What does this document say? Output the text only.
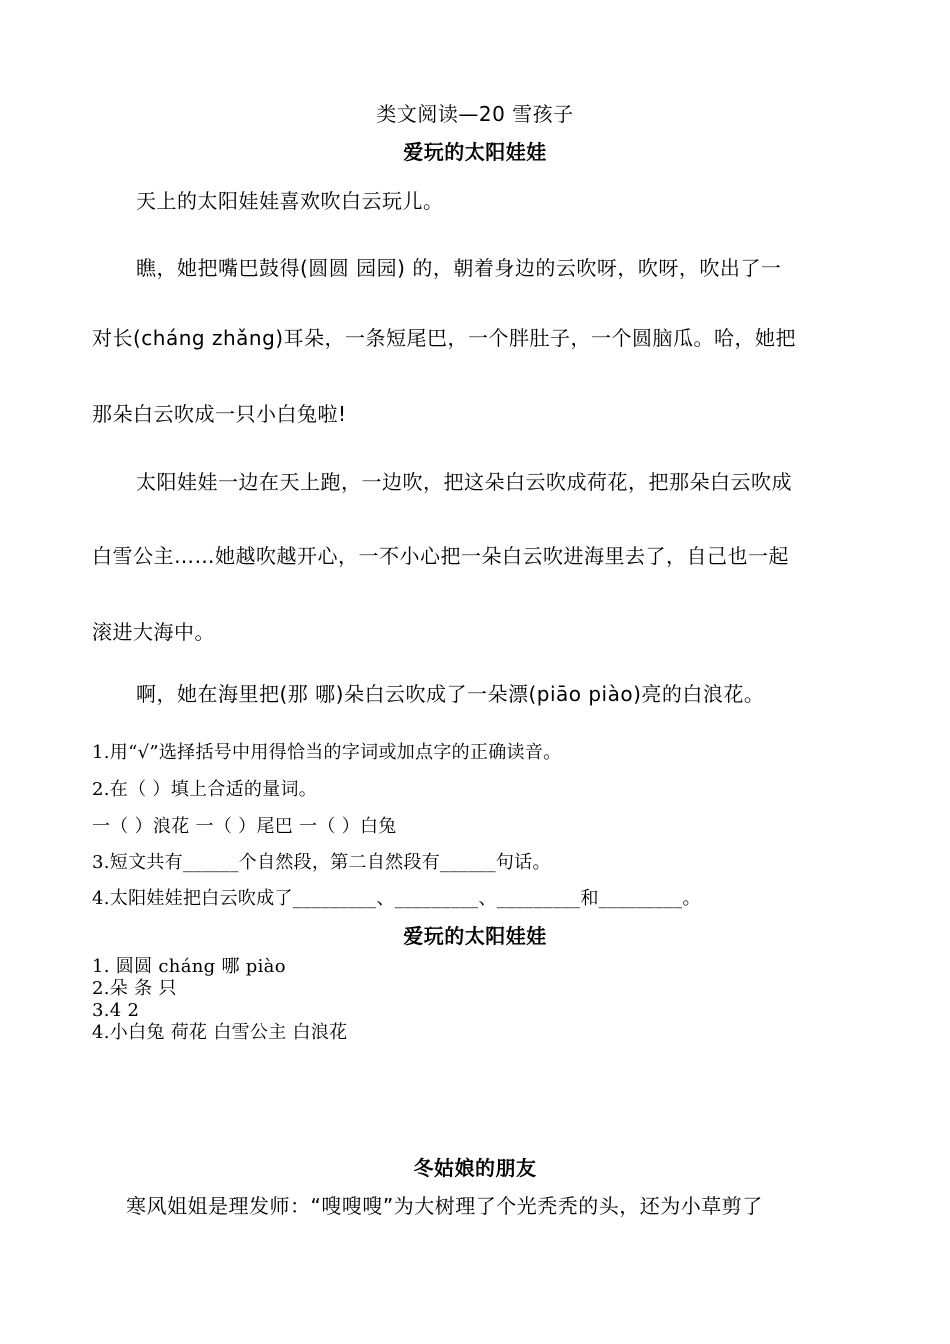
类文阅读—20 雪孩子
爱玩的太阳娃娃
天上的太阳娃娃喜欢吹白云玩儿。
瞧，她把嘴巴鼓得(圆圆 园园) 的，朝着身边的云吹呀，吹呀，吹出了一
对长(cháng zhǎng)耳朵，一条短尾巴，一个胖肚子，一个圆脑瓜。哈，她把
那朵白云吹成一只小白兔啦!
太阳娃娃一边在天上跑，一边吹，把这朵白云吹成荷花，把那朵白云吹成
白雪公主……她越吹越开心，一不小心把一朵白云吹进海里去了，自己也一起
滚进大海中。
啊，她在海里把(那 哪)朵白云吹成了一朵漂(piāo piào)亮的白浪花。
1.用“√”选择括号中用得恰当的字词或加点字的正确读音。
2.在（ ）填上合适的量词。
一（ ）浪花 一（ ）尾巴 一（ ）白兔
3.短文共有______个自然段，第二自然段有______句话。
4.太阳娃娃把白云吹成了_________、_________、_________和_________。
爱玩的太阳娃娃
1. 圆圆 cháng 哪 piào
2.朵 条 只
3.4 2
4.小白兔 荷花 白雪公主 白浪花
冬姑娘的朋友
寒风姐姐是理发师：“嗖嗖嗖”为大树理了个光秃秃的头，还为小草剪了
